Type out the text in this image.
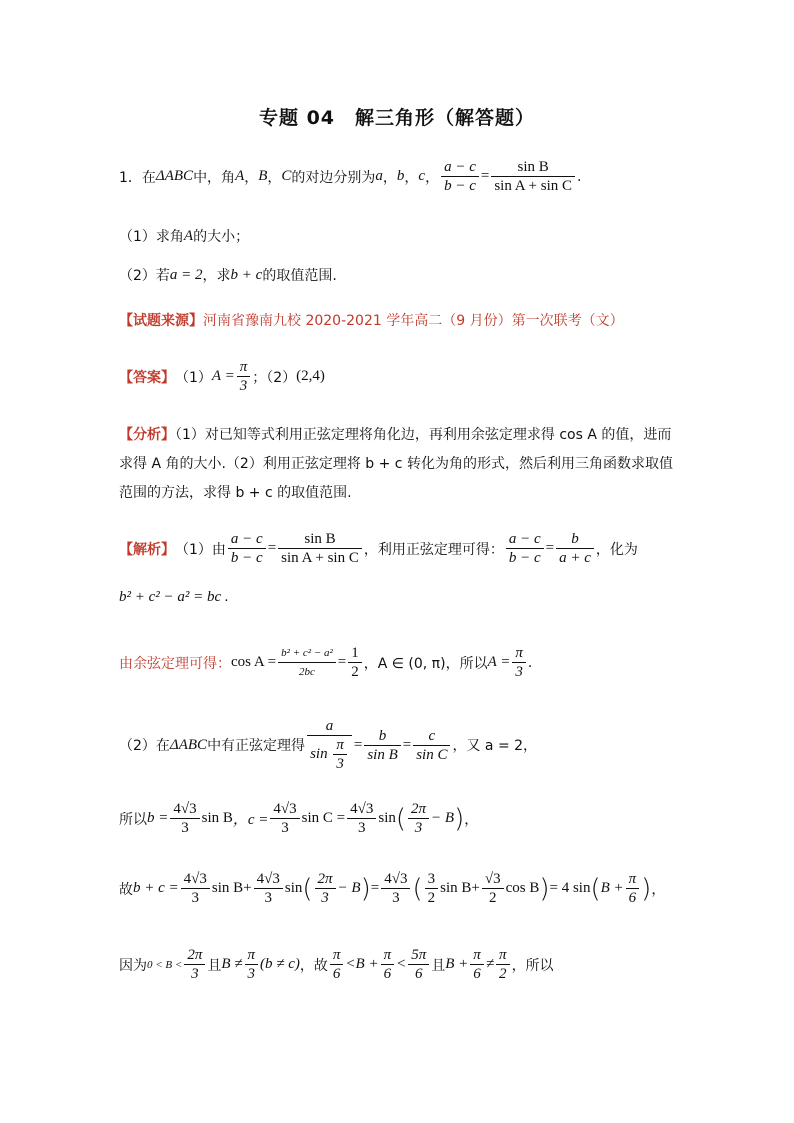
专题 04　解三角形（解答题）
1．在 ΔABC 中，角 A ， B ， C 的对边分别为 a ， b ， c ， $\frac{a - c}{b - c} = \frac{\text{sin B}}{\text{sin A + sin C}}$ .
（1）求角 A 的大小；
（2）若 a = 2 ，求 b + c 的取值范围.
【试题来源】 河南省豫南九校 2020-2021 学年高二（9 月份）第一次联考（文）
【答案】 （1） $A = \frac{\pi}{3}$ ；（2） (2,4)
【分析】（1）对已知等式利用正弦定理将角化边，再利用余弦定理求得 cos A 的值，进而求得 A 角的大小.（2）利用正弦定理将 b + c 转化为角的形式，然后利用三角函数求取值范围的方法，求得 b + c 的取值范围.
【解析】 （1）由 $\frac{a - c}{b - c} = \frac{\text{sin B}}{\text{sin A + sin C}}$ ，利用正弦定理可得： $\frac{a - c}{b - c} = \frac{b}{a + c}$ ，化为
b² + c² − a² = bc .
由余弦定理可得： $\cos A = \frac{\text{b² + c² − a²}}{2bc} = \frac{1}{2}$ ，A ∈ (0, π)，所以 $A = \frac{\pi}{3}$ .
（2）在 ΔABC 中有正弦定理得 $\frac{a}{\sin \frac{\pi}{3}} = \frac{b}{\text{sin B}} = \frac{c}{\text{sin C}}$ ，又 a = 2，
所以 $b = \frac{4√3}{3}$ sin B ，$c = \frac{4√3}{3}$ $\sin C = \frac{4√3}{3}$ sin ( $\frac{2\pi}{3} - B$ ) ，
故 $b + c = \frac{4√3}{3}$ $\sin B + \frac{4√3}{3}$ sin ( $\frac{2\pi}{3} - B$ ) = $\frac{4√3}{3}$ ( $\frac{3}{2}$ $\sin B + \frac{√3}{2}$ cos B ) = 4 sin ( $B + \frac{\pi}{6}$ ) ，
因为 $0 < B < \frac{2\pi}{3}$ 且 $B \ne \frac{\pi}{3} (b \ne c)$ ，故 $\frac{\pi}{6} < B + \frac{\pi}{6} < \frac{5\pi}{6}$ 且 $B + \frac{\pi}{6} \ne \frac{\pi}{2}$ ，所以
